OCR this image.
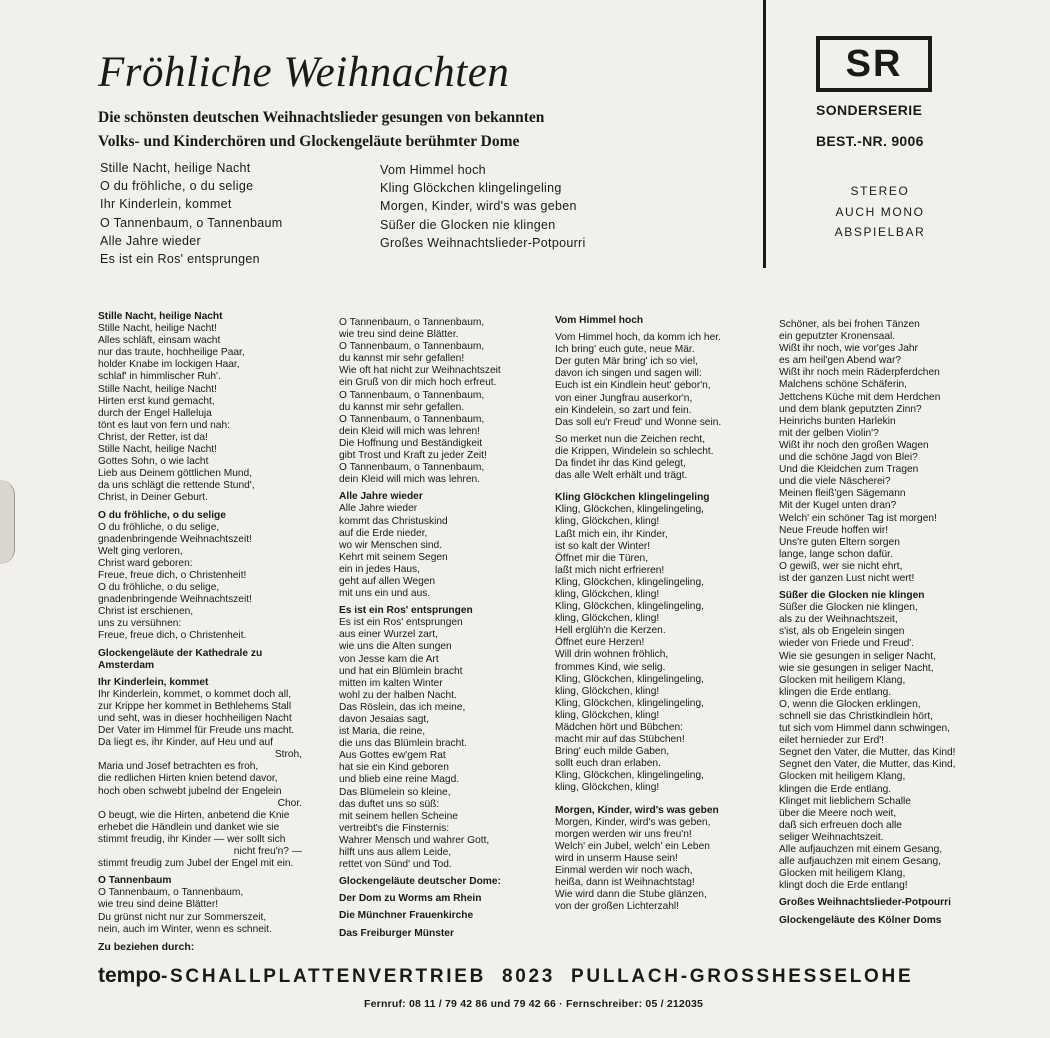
Fröhliche Weihnachten
Die schönsten deutschen Weihnachtslieder gesungen von bekannten
Volks- und Kinderchören und Glockengeläute berühmter Dome
Stille Nacht, heilige Nacht
O du fröhliche, o du selige
Ihr Kinderlein, kommet
O Tannenbaum, o Tannenbaum
Alle Jahre wieder
Es ist ein Ros' entsprungen
Vom Himmel hoch
Kling Glöckchen klingelingeling
Morgen, Kinder, wird's was geben
Süßer die Glocken nie klingen
Großes Weihnachtslieder-Potpourri
SR
SONDERSERIE
BEST.-NR. 9006
STEREO
AUCH MONO
ABSPIELBAR
Stille Nacht, heilige Nacht
Stille Nacht, heilige Nacht!
Alles schläft, einsam wacht
nur das traute, hochheilige Paar,
holder Knabe im lockigen Haar,
schlaf' in himmlischer Ruh'.
Stille Nacht, heilige Nacht!
Hirten erst kund gemacht,
durch der Engel Halleluja
tönt es laut von fern und nah:
Christ, der Retter, ist da!
Stille Nacht, heilige Nacht!
Gottes Sohn, o wie lacht
Lieb aus Deinem göttlichen Mund,
da uns schlägt die rettende Stund',
Christ, in Deiner Geburt.
O du fröhliche, o du selige
O du fröhliche, o du selige,
gnadenbringende Weihnachtszeit!
Welt ging verloren,
Christ ward geboren:
Freue, freue dich, o Christenheit!
O du fröhliche, o du selige,
gnadenbringende Weihnachtszeit!
Christ ist erschienen,
uns zu versühnen:
Freue, freue dich, o Christenheit.
Glockengeläute der Kathedrale zu
Amsterdam
Ihr Kinderlein, kommet
Ihr Kinderlein, kommet, o kommet doch all,
zur Krippe her kommet in Bethlehems Stall
und seht, was in dieser hochheiligen Nacht
Der Vater im Himmel für Freude uns macht.
Da liegt es, ihr Kinder, auf Heu und auf
Stroh,
Maria und Josef betrachten es froh,
die redlichen Hirten knien betend davor,
hoch oben schwebt jubelnd der Engelein
Chor.
O beugt, wie die Hirten, anbetend die Knie
erhebet die Händlein und danket wie sie
stimmt freudig, ihr Kinder — wer sollt sich
nicht freu'n? —
stimmt freudig zum Jubel der Engel mit ein.
O Tannenbaum
O Tannenbaum, o Tannenbaum,
wie treu sind deine Blätter!
Du grünst nicht nur zur Sommerszeit,
nein, auch im Winter, wenn es schneit.
O Tannenbaum, o Tannenbaum,
wie treu sind deine Blätter.
O Tannenbaum, o Tannenbaum,
du kannst mir sehr gefallen!
Wie oft hat nicht zur Weihnachtszeit
ein Gruß von dir mich hoch erfreut.
O Tannenbaum, o Tannenbaum,
du kannst mir sehr gefallen.
O Tannenbaum, o Tannenbaum,
dein Kleid will mich was lehren!
Die Hoffnung und Beständigkeit
gibt Trost und Kraft zu jeder Zeit!
O Tannenbaum, o Tannenbaum,
dein Kleid will mich was lehren.
Alle Jahre wieder
Alle Jahre wieder
kommt das Christuskind
auf die Erde nieder,
wo wir Menschen sind.
Kehrt mit seinem Segen
ein in jedes Haus,
geht auf allen Wegen
mit uns ein und aus.
Es ist ein Ros' entsprungen
Es ist ein Ros' entsprungen
aus einer Wurzel zart,
wie uns die Alten sungen
von Jesse kam die Art
und hat ein Blümlein bracht
mitten im kalten Winter
wohl zu der halben Nacht.
Das Röslein, das ich meine,
davon Jesaias sagt,
ist Maria, die reine,
die uns das Blümlein bracht.
Aus Gottes ew'gem Rat
hat sie ein Kind geboren
und blieb eine reine Magd.
Das Blümelein so kleine,
das duftet uns so süß:
mit seinem hellen Scheine
vertreibt's die Finsternis:
Wahrer Mensch und wahrer Gott,
hilft uns aus allem Leide,
rettet von Sünd' und Tod.
Glockengeläute deutscher Dome:
Der Dom zu Worms am Rhein
Die Münchner Frauenkirche
Das Freiburger Münster
Vom Himmel hoch
Vom Himmel hoch, da komm ich her.
Ich bring' euch gute, neue Mär.
Der guten Mär bring' ich so viel,
davon ich singen und sagen will:
Euch ist ein Kindlein heut' gebor'n,
von einer Jungfrau auserkor'n,
ein Kindelein, so zart und fein.
Das soll eu'r Freud' und Wonne sein.
So merket nun die Zeichen recht,
die Krippen, Windelein so schlecht.
Da findet ihr das Kind gelegt,
das alle Welt erhält und trägt.
Kling Glöckchen klingelingeling
Kling, Glöckchen, klingelingeling,
kling, Glöckchen, kling!
Laßt mich ein, ihr Kinder,
ist so kalt der Winter!
Öffnet mir die Türen,
laßt mich nicht erfrieren!
Kling, Glöckchen, klingelingeling,
kling, Glöckchen, kling!
Kling, Glöckchen, klingelingeling,
kling, Glöckchen, kling!
Hell erglüh'n die Kerzen.
Öffnet eure Herzen!
Will drin wohnen fröhlich,
frommes Kind, wie selig.
Kling, Glöckchen, klingelingeling,
kling, Glöckchen, kling!
Kling, Glöckchen, klingelingeling,
kling, Glöckchen, kling!
Mädchen hört und Bübchen:
macht mir auf das Stübchen!
Bring' euch milde Gaben,
sollt euch dran erlaben.
Kling, Glöckchen, klingelingeling,
kling, Glöckchen, kling!
Morgen, Kinder, wird's was geben
Morgen, Kinder, wird's was geben,
morgen werden wir uns freu'n!
Welch' ein Jubel, welch' ein Leben
wird in unserm Hause sein!
Einmal werden wir noch wach,
heißa, dann ist Weihnachtstag!
Wie wird dann die Stube glänzen,
von der großen Lichterzahl!
Schöner, als bei frohen Tänzen
ein geputzter Kronensaal.
Wißt ihr noch, wie vor'ges Jahr
es am heil'gen Abend war?
Wißt ihr noch mein Räderpferdchen
Malchens schöne Schäferin,
Jettchens Küche mit dem Herdchen
und dem blank geputzten Zinn?
Heinrichs bunten Harlekin
mit der gelben Violin'?
Wißt ihr noch den großen Wagen
und die schöne Jagd von Blei?
Und die Kleidchen zum Tragen
und die viele Näscherei?
Meinen fleiß'gen Sägemann
Mit der Kugel unten dran?
Welch' ein schöner Tag ist morgen!
Neue Freude hoffen wir!
Uns're guten Eltern sorgen
lange, lange schon dafür.
O gewiß, wer sie nicht ehrt,
ist der ganzen Lust nicht wert!
Süßer die Glocken nie klingen
Süßer die Glocken nie klingen,
als zu der Weihnachtszeit,
s'ist, als ob Engelein singen
wieder von Friede und Freud'.
Wie sie gesungen in seliger Nacht,
wie sie gesungen in seliger Nacht,
Glocken mit heiligem Klang,
klingen die Erde entlang.
O, wenn die Glocken erklingen,
schnell sie das Christkindlein hört,
tut sich vom Himmel dann schwingen,
eilet hernieder zur Erd'!
Segnet den Vater, die Mutter, das Kind!
Segnet den Vater, die Mutter, das Kind,
Glocken mit heiligem Klang,
klingen die Erde entlang.
Klinget mit lieblichem Schalle
über die Meere noch weit,
daß sich erfreuen doch alle
seliger Weihnachtszeit.
Alle aufjauchzen mit einem Gesang,
alle aufjauchzen mit einem Gesang,
Glocken mit heiligem Klang,
klingt doch die Erde entlang!
Großes Weihnachtslieder-Potpourri
Glockengeläute des Kölner Doms
Zu beziehen durch:
tempo -SCHALLPLATTENVERTRIEB  8023  PULLACH-GROSSHESSELOHE
Fernruf: 08 11 / 79 42 86 und 79 42 66 · Fernschreiber: 05 / 212035
